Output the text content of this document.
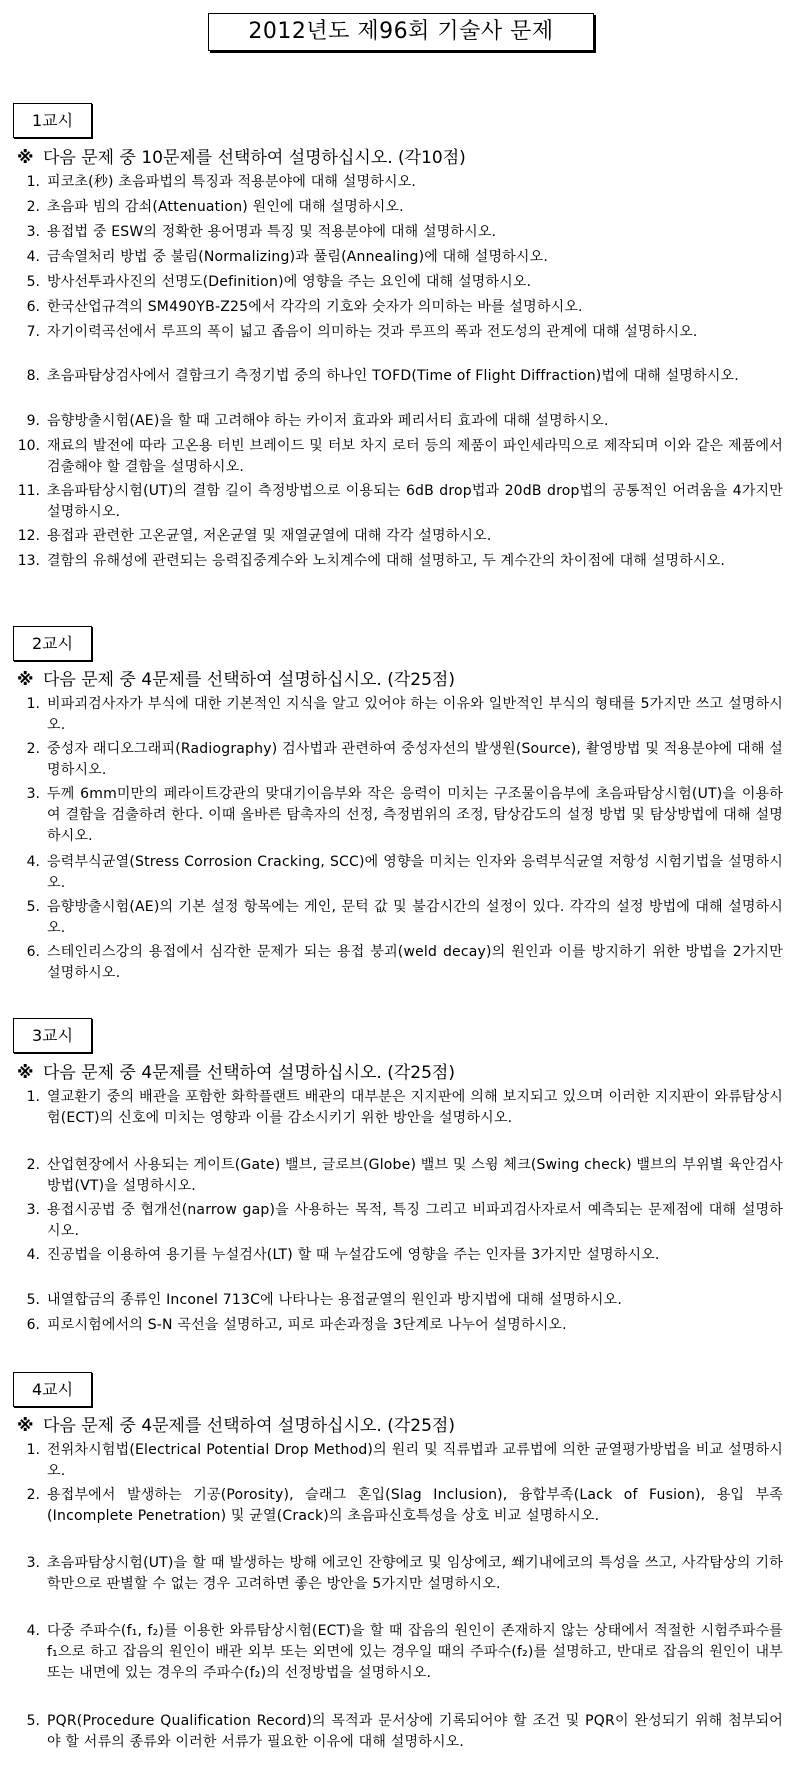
2012년도 제96회 기술사 문제
1교시
※ 다음 문제 중 10문제를 선택하여 설명하십시오. (각10점)
1. 피코초(秒) 초음파법의 특징과 적용분야에 대해 설명하시오.
2. 초음파 빔의 감쇠(Attenuation) 원인에 대해 설명하시오.
3. 용접법 중 ESW의 정확한 용어명과 특징 및 적용분야에 대해 설명하시오.
4. 금속열처리 방법 중 불림(Normalizing)과 풀림(Annealing)에 대해 설명하시오.
5. 방사선투과사진의 선명도(Definition)에 영향을 주는 요인에 대해 설명하시오.
6. 한국산업규격의 SM490YB-Z25에서 각각의 기호와 숫자가 의미하는 바를 설명하시오.
7. 자기이력곡선에서 루프의 폭이 넓고 좁음이 의미하는 것과 루프의 폭과 전도성의 관계에 대해 설명하시오.
8. 초음파탐상검사에서 결함크기 측정기법 중의 하나인 TOFD(Time of Flight Diffraction)법에 대해 설명하시오.
9. 음향방출시험(AE)을 할 때 고려해야 하는 카이저 효과와 페리서티 효과에 대해 설명하시오.
10. 재료의 발전에 따라 고온용 터빈 브레이드 및 터보 차지 로터 등의 제품이 파인세라믹으로 제작되며 이와 같은 제품에서 검출해야 할 결함을 설명하시오.
11. 초음파탐상시험(UT)의 결함 길이 측정방법으로 이용되는 6dB drop법과 20dB drop법의 공통적인 어려움을 4가지만 설명하시오.
12. 용접과 관련한 고온균열, 저온균열 및 재열균열에 대해 각각 설명하시오.
13. 결함의 유해성에 관련되는 응력집중계수와 노치계수에 대해 설명하고, 두 계수간의 차이점에 대해 설명하시오.
2교시
※ 다음 문제 중 4문제를 선택하여 설명하십시오. (각25점)
1. 비파괴검사자가 부식에 대한 기본적인 지식을 알고 있어야 하는 이유와 일반적인 부식의 형태를 5가지만 쓰고 설명하시오.
2. 중성자 래디오그래피(Radiography) 검사법과 관련하여 중성자선의 발생원(Source), 촬영방법 및 적용분야에 대해 설명하시오.
3. 두께 6mm미만의 페라이트강관의 맞대기이음부와 작은 응력이 미치는 구조물이음부에 초음파탐상시험(UT)을 이용하여 결함을 검출하려 한다. 이때 올바른 탐촉자의 선정, 측정범위의 조정, 탐상감도의 설정 방법 및 탐상방법에 대해 설명하시오.
4. 응력부식균열(Stress Corrosion Cracking, SCC)에 영향을 미치는 인자와 응력부식균열 저항성 시험기법을 설명하시오.
5. 음향방출시험(AE)의 기본 설정 항목에는 게인, 문턱 값 및 불감시간의 설정이 있다. 각각의 설정 방법에 대해 설명하시오.
6. 스테인리스강의 용접에서 심각한 문제가 되는 용접 붕괴(weld decay)의 원인과 이를 방지하기 위한 방법을 2가지만 설명하시오.
3교시
※ 다음 문제 중 4문제를 선택하여 설명하십시오. (각25점)
1. 열교환기 중의 배관을 포함한 화학플랜트 배관의 대부분은 지지판에 의해 보지되고 있으며 이러한 지지판이 와류탐상시험(ECT)의 신호에 미치는 영향과 이를 감소시키기 위한 방안을 설명하시오.
2. 산업현장에서 사용되는 게이트(Gate) 밸브, 글로브(Globe) 밸브 및 스윙 체크(Swing check) 밸브의 부위별 육안검사방법(VT)을 설명하시오.
3. 용접시공법 중 협개선(narrow gap)을 사용하는 목적, 특징 그리고 비파괴검사자로서 예측되는 문제점에 대해 설명하시오.
4. 진공법을 이용하여 용기를 누설검사(LT) 할 때 누설감도에 영향을 주는 인자를 3가지만 설명하시오.
5. 내열합금의 종류인 Inconel 713C에 나타나는 용접균열의 원인과 방지법에 대해 설명하시오.
6. 피로시험에서의 S-N 곡선을 설명하고, 피로 파손과정을 3단계로 나누어 설명하시오.
4교시
※ 다음 문제 중 4문제를 선택하여 설명하십시오. (각25점)
1. 전위차시험법(Electrical Potential Drop Method)의 원리 및 직류법과 교류법에 의한 균열평가방법을 비교 설명하시오.
2. 용접부에서 발생하는 기공(Porosity), 슬래그 혼입(Slag Inclusion), 융합부족(Lack of Fusion), 용입 부족(Incomplete Penetration) 및 균열(Crack)의 초음파신호특성을 상호 비교 설명하시오.
3. 초음파탐상시험(UT)을 할 때 발생하는 방해 에코인 잔향에코 및 임상에코, 쐐기내에코의 특성을 쓰고, 사각탐상의 기하학만으로 판별할 수 없는 경우 고려하면 좋은 방안을 5가지만 설명하시오.
4. 다중 주파수(f₁, f₂)를 이용한 와류탐상시험(ECT)을 할 때 잡음의 원인이 존재하지 않는 상태에서 적절한 시험주파수를 f₁으로 하고 잡음의 원인이 배관 외부 또는 외면에 있는 경우일 때의 주파수(f₂)를 설명하고, 반대로 잡음의 원인이 내부 또는 내면에 있는 경우의 주파수(f₂)의 선정방법을 설명하시오.
5. PQR(Procedure Qualification Record)의 목적과 문서상에 기록되어야 할 조건 및 PQR이 완성되기 위해 첨부되어야 할 서류의 종류와 이러한 서류가 필요한 이유에 대해 설명하시오.
